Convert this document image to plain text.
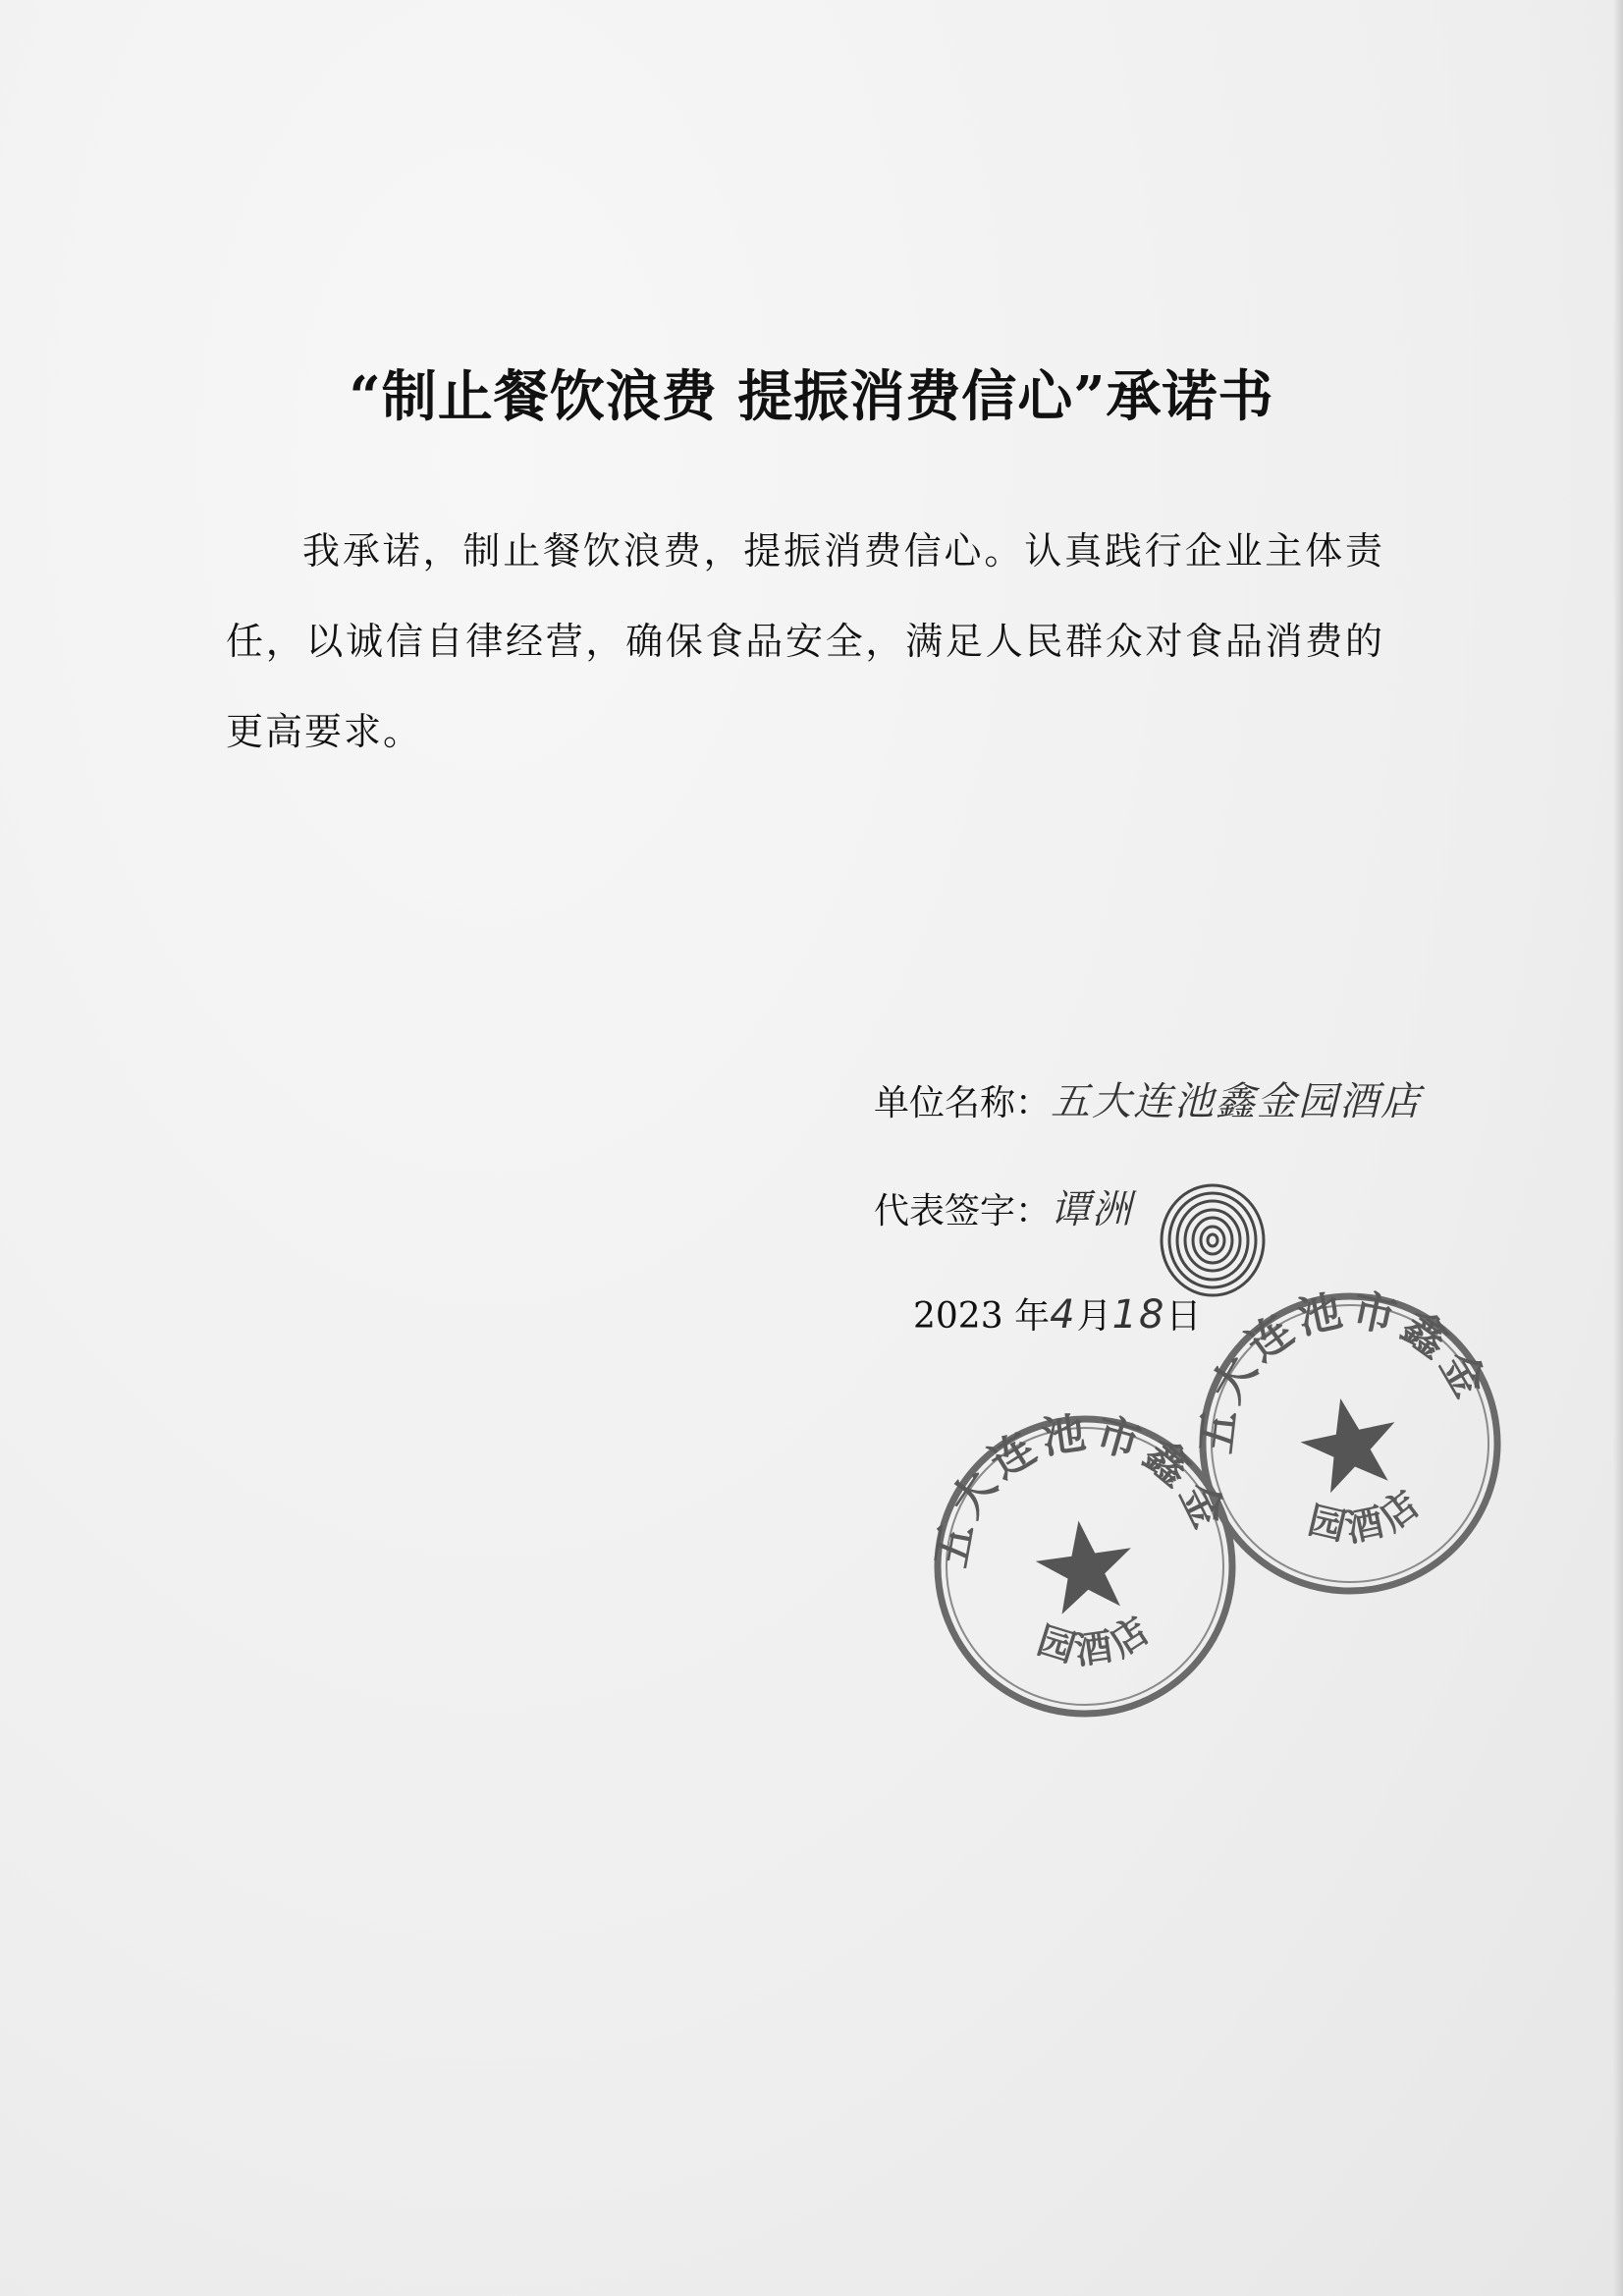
“制止餐饮浪费 提振消费信心”承诺书
我承诺，制止餐饮浪费，提振消费信心。认真践行企业主体责任，以诚信自律经营，确保食品安全，满足人民群众对食品消费的更高要求。
单位名称：五大连池鑫金园酒店
代表签字：谭洲
2023 年4月18日
五大连池市鑫金
园酒店
五大连池市鑫金
园酒店
